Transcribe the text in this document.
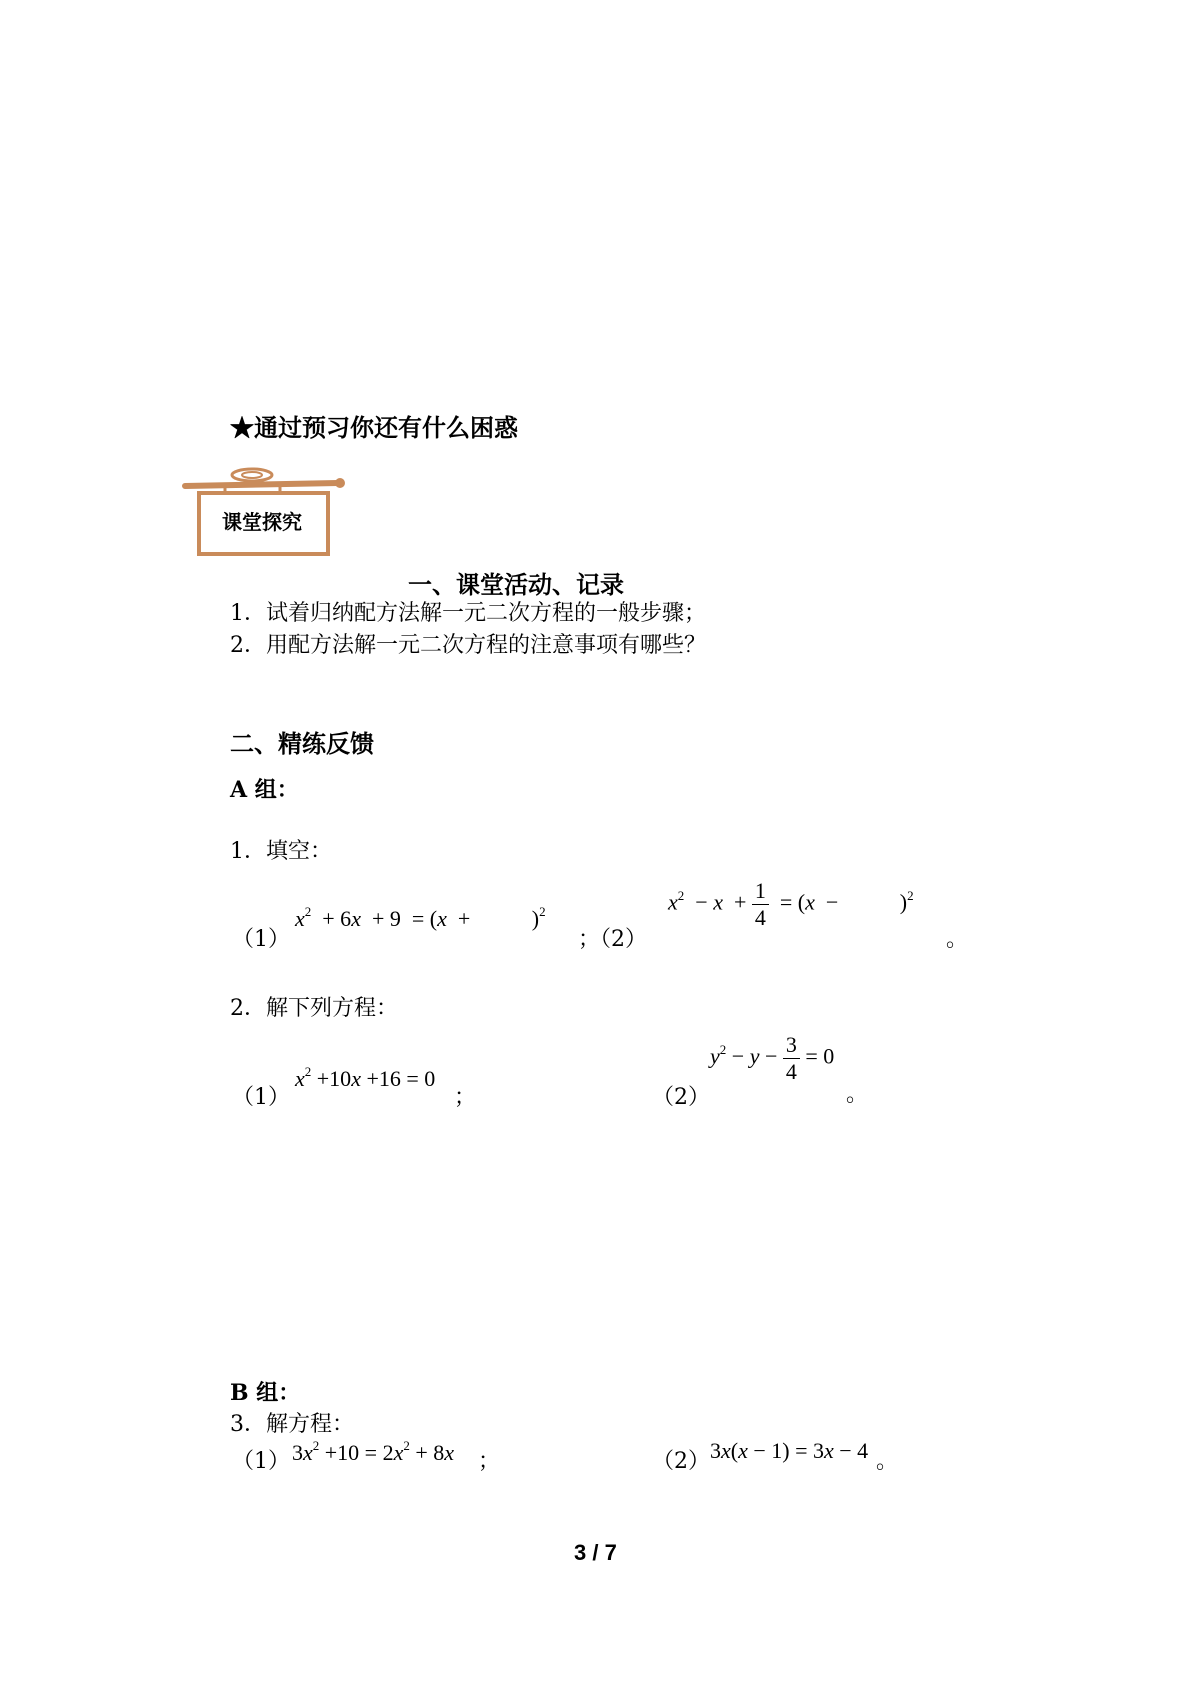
★通过预习你还有什么困惑
课堂探究
一、课堂活动、记录
1．试着归纳配方法解一元二次方程的一般步骤；
2．用配方法解一元二次方程的注意事项有哪些？
二、精练反馈
A 组：
1．填空：
（1）
$x^2 + 6x + 9 = (x$  +	)$^2$
；（2）
$x^2 - x + \frac{1}{4} = (x$  −	)$^2$
。
2．解下列方程：
（1）
$x^2 +10x +16 = 0$
；	（2）
$y^2 - y - \frac{3}{4} = 0$
。
B 组：
3．解方程：
（1） $3x^2 +10 = 2x^2 + 8x$ ；	（2） 3x(x − 1) = 3x − 4 。
3 / 7
